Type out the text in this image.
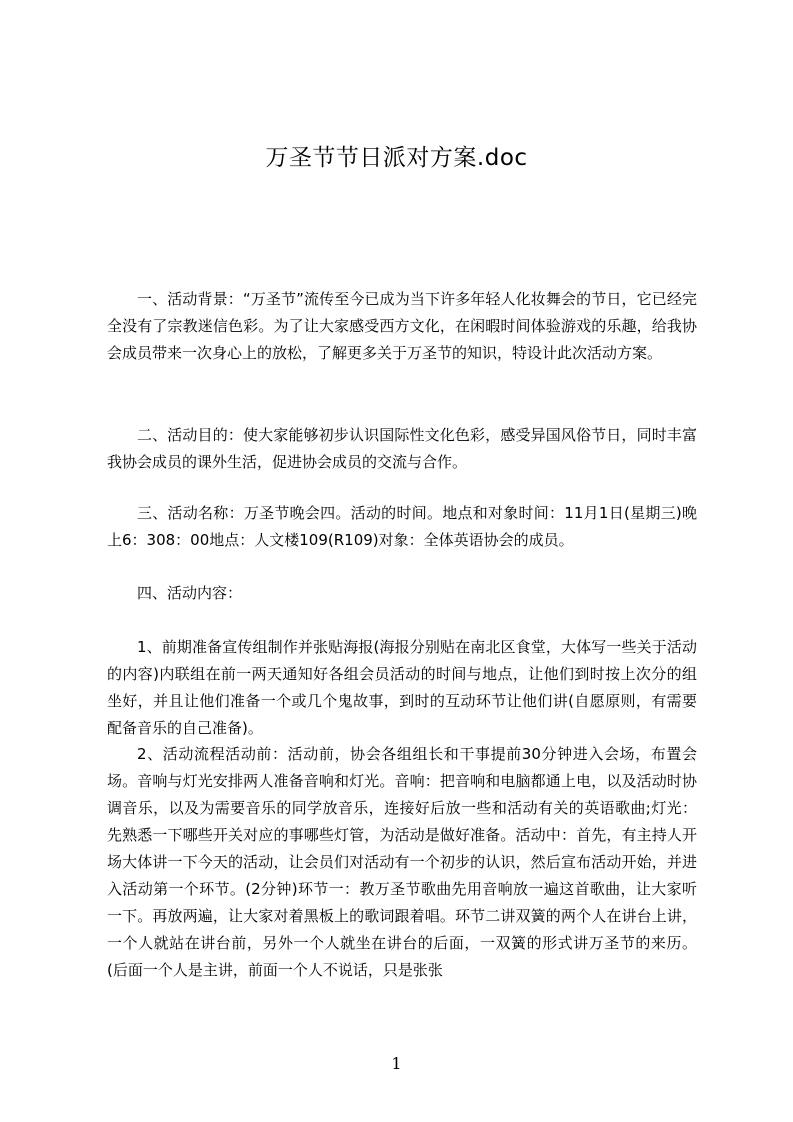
万圣节节日派对方案.doc

一、活动背景：“万圣节”流传至今已成为当下许多年轻人化妆舞会的节日，它已经完全没有了宗教迷信色彩。为了让大家感受西方文化，在闲暇时间体验游戏的乐趣，给我协会成员带来一次身心上的放松，了解更多关于万圣节的知识，特设计此次活动方案。

二、活动目的：使大家能够初步认识国际性文化色彩，感受异国风俗节日，同时丰富我协会成员的课外生活，促进协会成员的交流与合作。

三、活动名称：万圣节晚会四。活动的时间。地点和对象时间：11月1日(星期三)晚上6：308：00地点：人文楼109(R109)对象：全体英语协会的成员。

四、活动内容：

1、前期准备宣传组制作并张贴海报(海报分别贴在南北区食堂，大体写一些关于活动的内容)内联组在前一两天通知好各组会员活动的时间与地点，让他们到时按上次分的组坐好，并且让他们准备一个或几个鬼故事，到时的互动环节让他们讲(自愿原则，有需要配备音乐的自己准备)。

2、活动流程活动前：活动前，协会各组组长和干事提前30分钟进入会场，布置会场。音响与灯光安排两人准备音响和灯光。音响：把音响和电脑都通上电，以及活动时协调音乐，以及为需要音乐的同学放音乐，连接好后放一些和活动有关的英语歌曲;灯光：先熟悉一下哪些开关对应的事哪些灯管，为活动是做好准备。活动中：首先，有主持人开场大体讲一下今天的活动，让会员们对活动有一个初步的认识，然后宣布活动开始，并进入活动第一个环节。(2分钟)环节一：教万圣节歌曲先用音响放一遍这首歌曲，让大家听一下。再放两遍，让大家对着黑板上的歌词跟着唱。环节二讲双簧的两个人在讲台上讲，一个人就站在讲台前，另外一个人就坐在讲台的后面，一双簧的形式讲万圣节的来历。(后面一个人是主讲，前面一个人不说话，只是张张

1
